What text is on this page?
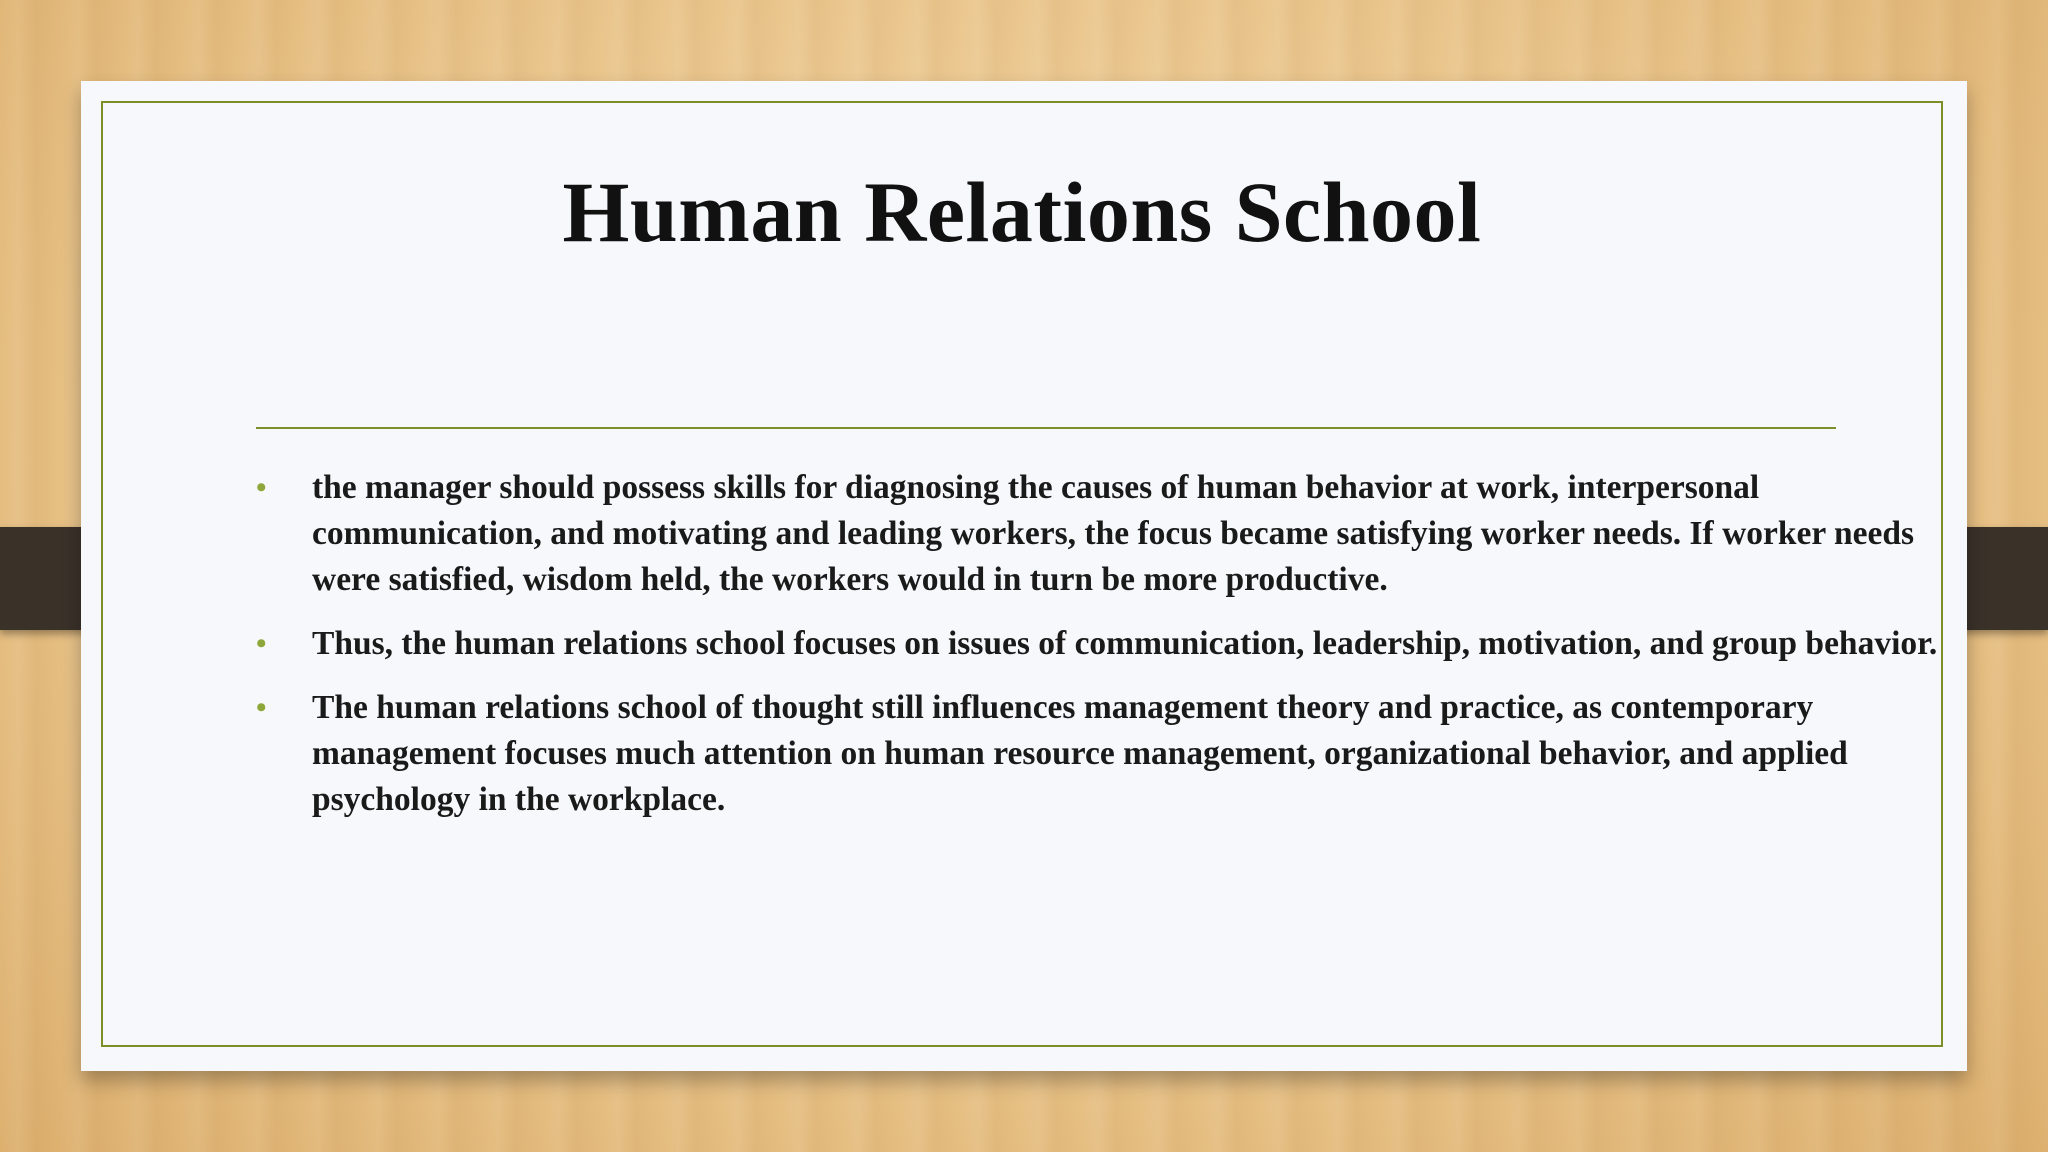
Human Relations School
• the manager should possess skills for diagnosing the causes of human behavior at work, interpersonal communication, and motivating and leading workers, the focus became satisfying worker needs. If worker needs were satisfied, wisdom held, the workers would in turn be more productive.
• Thus, the human relations school focuses on issues of communication, leadership, motivation, and group behavior.
• The human relations school of thought still influences management theory and practice, as contemporary management focuses much attention on human resource management, organizational behavior, and applied psychology in the workplace.
